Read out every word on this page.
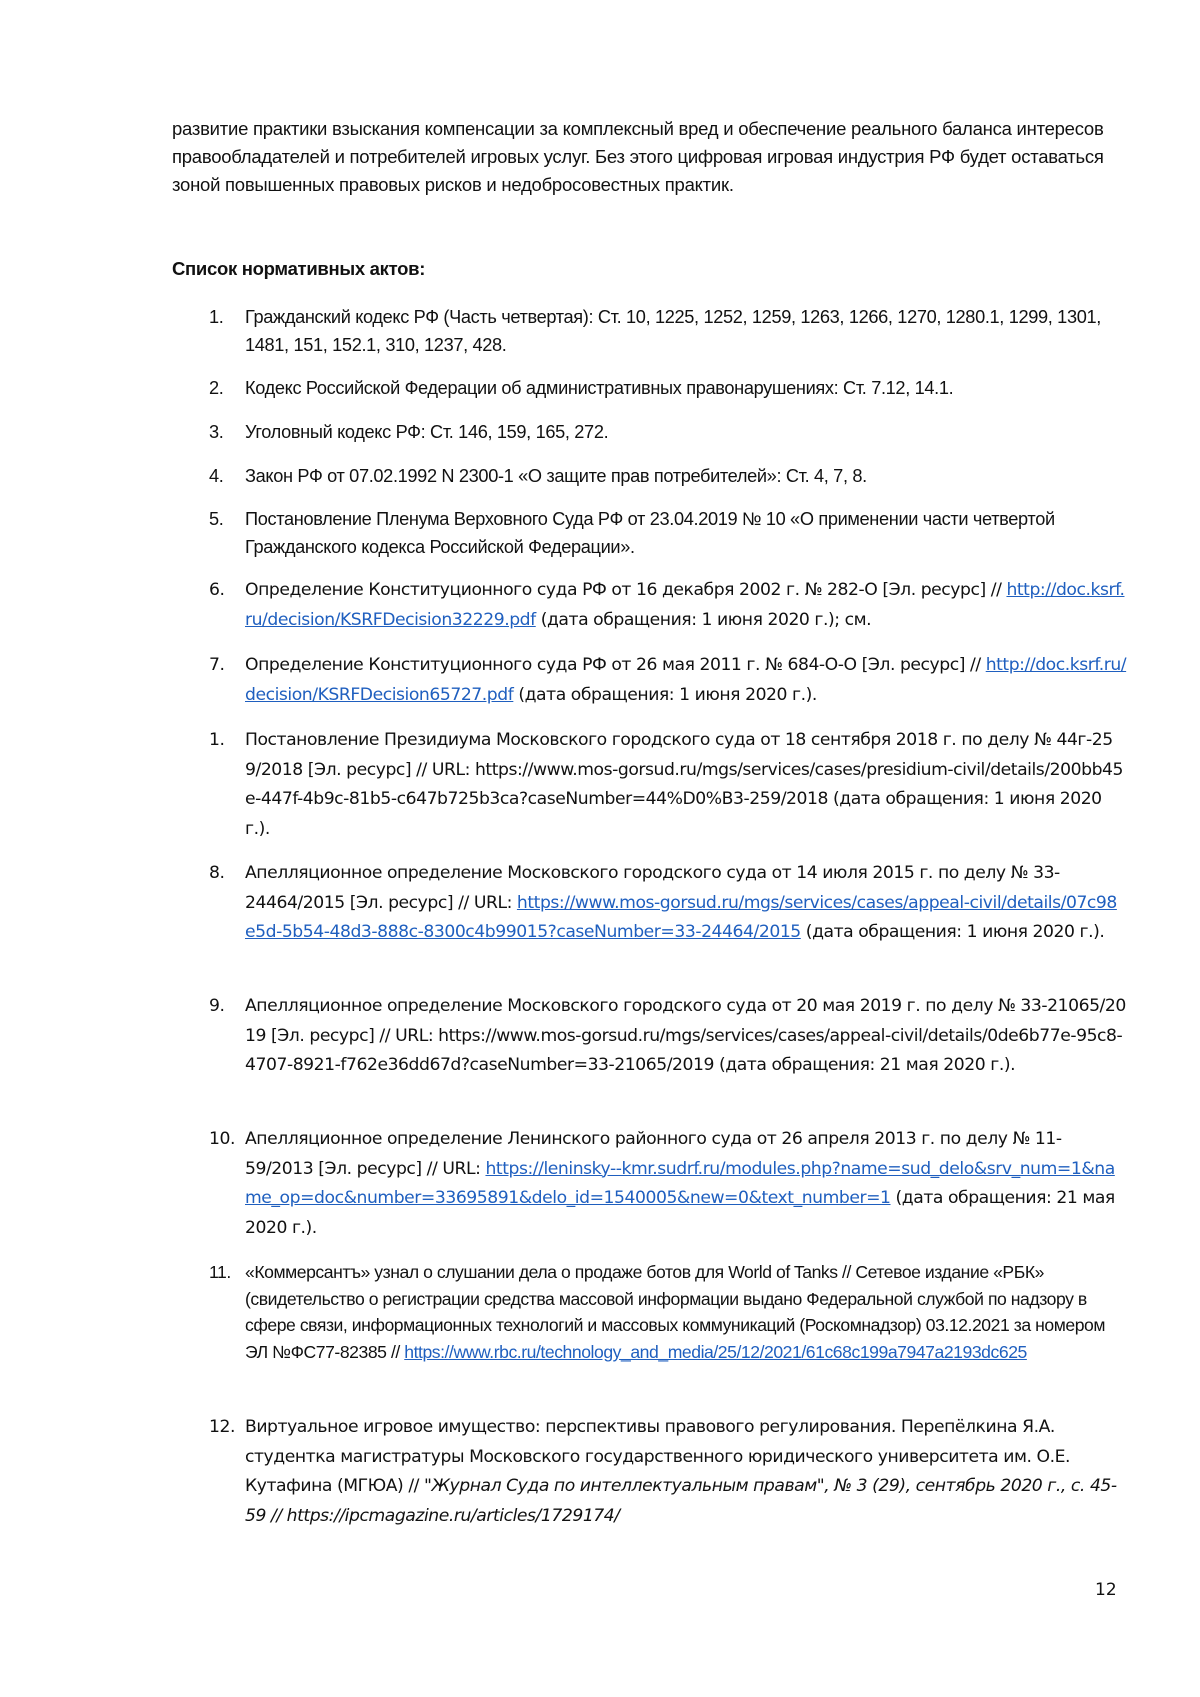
развитие практики взыскания компенсации за комплексный вред и обеспечение реального баланса интересов правообладателей и потребителей игровых услуг. Без этого цифровая игровая индустрия РФ будет оставаться зоной повышенных правовых рисков и недобросовестных практик.

Список нормативных актов:
1.	Гражданский кодекс РФ (Часть четвертая): Ст. 10, 1225, 1252, 1259, 1263, 1266, 1270, 1280.1, 1299, 1301, 1481, 151, 152.1, 310, 1237, 428.
2.	Кодекс Российской Федерации об административных правонарушениях: Ст. 7.12, 14.1.
3.	Уголовный кодекс РФ: Ст. 146, 159, 165, 272.
4.	Закон РФ от 07.02.1992 N 2300-1 «О защите прав потребителей»: Ст. 4, 7, 8.
5.	Постановление Пленума Верховного Суда РФ от 23.04.2019 № 10 «О применении части четвертой Гражданского кодекса Российской Федерации».
6.	Определение Конституционного суда РФ от 16 декабря 2002 г. № 282-О [Эл. ресурс] // http://doc.ksrf.ru/decision/KSRFDecision32229.pdf (дата обращения: 1 июня 2020 г.); см.
7.	Определение Конституционного суда РФ от 26 мая 2011 г. № 684-О-О [Эл. ресурс] // http://doc.ksrf.ru/decision/KSRFDecision65727.pdf (дата обращения: 1 июня 2020 г.).
1.	Постановление Президиума Московского городского суда от 18 сентября 2018 г. по делу № 44г-259/2018 [Эл. ресурс] // URL: https://www.mos-gorsud.ru/mgs/services/cases/presidium-civil/details/200bb45e-447f-4b9c-81b5-c647b725b3ca?caseNumber=44%D0%B3-259/2018 (дата обращения: 1 июня 2020 г.).
8.	Апелляционное определение Московского городского суда от 14 июля 2015 г. по делу № 33-24464/2015 [Эл. ресурс] // URL: https://www.mos-gorsud.ru/mgs/services/cases/appeal-civil/details/07c98e5d-5b54-48d3-888c-8300c4b99015?caseNumber=33-24464/2015 (дата обращения: 1 июня 2020 г.).
9.	Апелляционное определение Московского городского суда от 20 мая 2019 г. по делу № 33-21065/2019 [Эл. ресурс] // URL: https://www.mos-gorsud.ru/mgs/services/cases/appeal-civil/details/0de6b77e-95c8-4707-8921-f762e36dd67d?caseNumber=33-21065/2019 (дата обращения: 21 мая 2020 г.).
10. Апелляционное определение Ленинского районного суда от 26 апреля 2013 г. по делу № 11-59/2013 [Эл. ресурс] // URL: https://leninsky--kmr.sudrf.ru/modules.php?name=sud_delo&srv_num=1&name_op=doc&number=33695891&delo_id=1540005&new=0&text_number=1 (дата обращения: 21 мая 2020 г.).
11. «Коммерсантъ» узнал о слушании дела о продаже ботов для World of Tanks // Сетевое издание «РБК» (свидетельство о регистрации средства массовой информации выдано Федеральной службой по надзору в сфере связи, информационных технологий и массовых коммуникаций (Роскомнадзор) 03.12.2021 за номером ЭЛ №ФС77-82385 // https://www.rbc.ru/technology_and_media/25/12/2021/61c68c199a7947a2193dc625
12. Виртуальное игровое имущество: перспективы правового регулирования. Перепёлкина Я.А. студентка магистратуры Московского государственного юридического университета им. О.Е. Кутафина (МГЮА) // "Журнал Суда по интеллектуальным правам", № 3 (29), сентябрь 2020 г., с. 45-59 // https://ipcmagazine.ru/articles/1729174/
12
